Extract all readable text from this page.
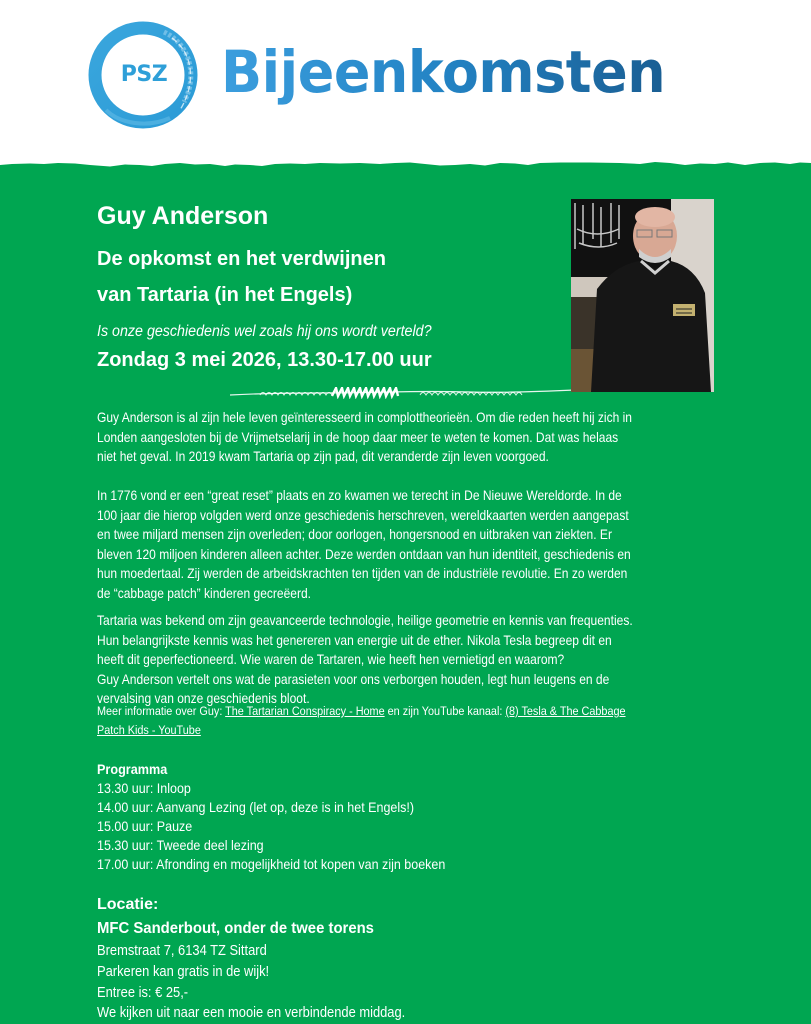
PSZ Bijeenkomsten
Guy Anderson
De opkomst en het verdwijnen
van Tartaria (in het Engels)
Is onze geschiedenis wel zoals hij ons wordt verteld?
Zondag 3 mei 2026, 13.30-17.00 uur
Guy Anderson is al zijn hele leven geïnteresseerd in complottheorieën. Om die reden heeft hij zich in
Londen aangesloten bij de Vrijmetselarij in de hoop daar meer te weten te komen. Dat was helaas
niet het geval. In 2019 kwam Tartaria op zijn pad, dit veranderde zijn leven voorgoed.
In 1776 vond er een “great reset” plaats en zo kwamen we terecht in De Nieuwe Wereldorde. In de
100 jaar die hierop volgden werd onze geschiedenis herschreven, wereldkaarten werden aangepast
en twee miljard mensen zijn overleden; door oorlogen, hongersnood en uitbraken van ziekten. Er
bleven 120 miljoen kinderen alleen achter. Deze werden ontdaan van hun identiteit, geschiedenis en
hun moedertaal. Zij werden de arbeidskrachten ten tijden van de industriële revolutie. En zo werden
de “cabbage patch” kinderen gecreëerd.
Tartaria was bekend om zijn geavanceerde technologie, heilige geometrie en kennis van frequenties.
Hun belangrijkste kennis was het genereren van energie uit de ether. Nikola Tesla begreep dit en
heeft dit geperfectioneerd. Wie waren de Tartaren, wie heeft hen vernietigd en waarom?
Guy Anderson vertelt ons wat de parasieten voor ons verborgen houden, legt hun leugens en de
vervalsing van onze geschiedenis bloot.
Meer informatie over Guy: The Tartarian Conspiracy - Home en zijn YouTube kanaal: (8) Tesla & The Cabbage
Patch Kids - YouTube
Programma
13.30 uur: Inloop
14.00 uur: Aanvang Lezing (let op, deze is in het Engels!)
15.00 uur: Pauze
15.30 uur: Tweede deel lezing
17.00 uur: Afronding en mogelijkheid tot kopen van zijn boeken
Locatie:
MFC Sanderbout, onder de twee torens
Bremstraat 7, 6134 TZ Sittard
Parkeren kan gratis in de wijk!
Entree is: € 25,-
We kijken uit naar een mooie en verbindende middag.
